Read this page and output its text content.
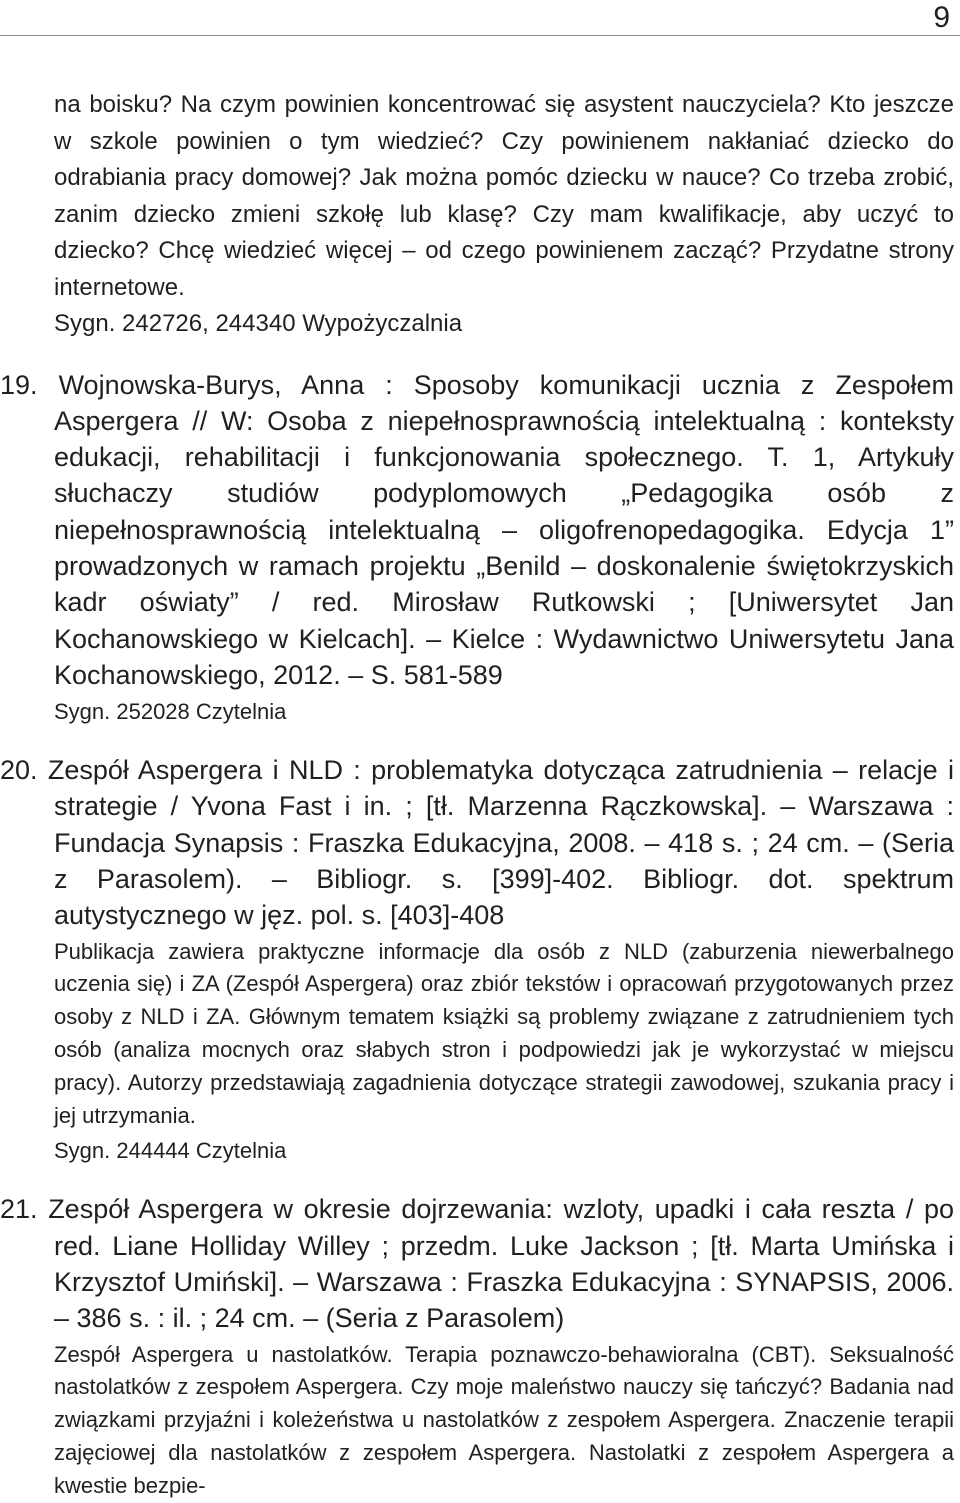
9
na boisku? Na czym powinien koncentrować się asystent nauczyciela? Kto jeszcze w szkole powinien o tym wiedzieć? Czy powinienem nakłaniać dziecko do odrabiania pracy domowej? Jak można pomóc dziecku w nauce? Co trzeba zrobić, zanim dziecko zmieni szkołę lub klasę? Czy mam kwalifikacje, aby uczyć to dziecko? Chcę wiedzieć więcej – od czego powinienem zacząć? Przydatne strony internetowe.
Sygn. 242726, 244340 Wypożyczalnia
19. Wojnowska-Burys, Anna : Sposoby komunikacji ucznia z Zespołem Aspergera // W: Osoba z niepełnosprawnością intelektualną : konteksty edukacji, rehabilitacji i funkcjonowania społecznego. T. 1, Artykuły słuchaczy studiów podyplomowych „Pedagogika osób z niepełnosprawnością intelektualną – oligofrenopedagogika. Edycja 1” prowadzonych w ramach projektu „Benild – doskonalenie świętokrzyskich kadr oświaty” / red. Mirosław Rutkowski ; [Uniwersytet Jan Kochanowskiego w Kielcach]. – Kielce : Wydawnictwo Uniwersytetu Jana Kochanowskiego, 2012. – S. 581-589
Sygn. 252028 Czytelnia
20. Zespół Aspergera i NLD : problematyka dotycząca zatrudnienia – relacje i strategie / Yvona Fast i in. ; [tł. Marzenna Rączkowska]. – Warszawa : Fundacja Synapsis : Fraszka Edukacyjna, 2008. – 418 s. ; 24 cm. – (Seria z Parasolem). – Bibliogr. s. [399]-402. Bibliogr. dot. spektrum autystycznego w jęz. pol. s. [403]-408
Publikacja zawiera praktyczne informacje dla osób z NLD (zaburzenia niewerbalnego uczenia się) i ZA (Zespół Aspergera) oraz zbiór tekstów i opracowań przygotowanych przez osoby z NLD i ZA. Głównym tematem książki są problemy związane z zatrudnieniem tych osób (analiza mocnych oraz słabych stron i podpowiedzi jak je wykorzystać w miejscu pracy). Autorzy przedstawiają zagadnienia dotyczące strategii zawodowej, szukania pracy i jej utrzymania.
Sygn. 244444 Czytelnia
21. Zespół Aspergera w okresie dojrzewania: wzloty, upadki i cała reszta / po red. Liane Holliday Willey ; przedm. Luke Jackson ; [tł. Marta Umińska i Krzysztof Umiński]. – Warszawa : Fraszka Edukacyjna : SYNAPSIS, 2006. – 386 s. : il. ; 24 cm. – (Seria z Parasolem)
Zespół Aspergera u nastolatków. Terapia poznawczo-behawioralna (CBT). Seksualność nastolatków z zespołem Aspergera. Czy moje maleństwo nauczy się tańczyć? Badania nad związkami przyjaźni i koleżeństwa u nastolatków z zespołem Aspergera. Znaczenie terapii zajęciowej dla nastolatków z zespołem Aspergera. Nastolatki z zespołem Aspergera a kwestie bezpie-
